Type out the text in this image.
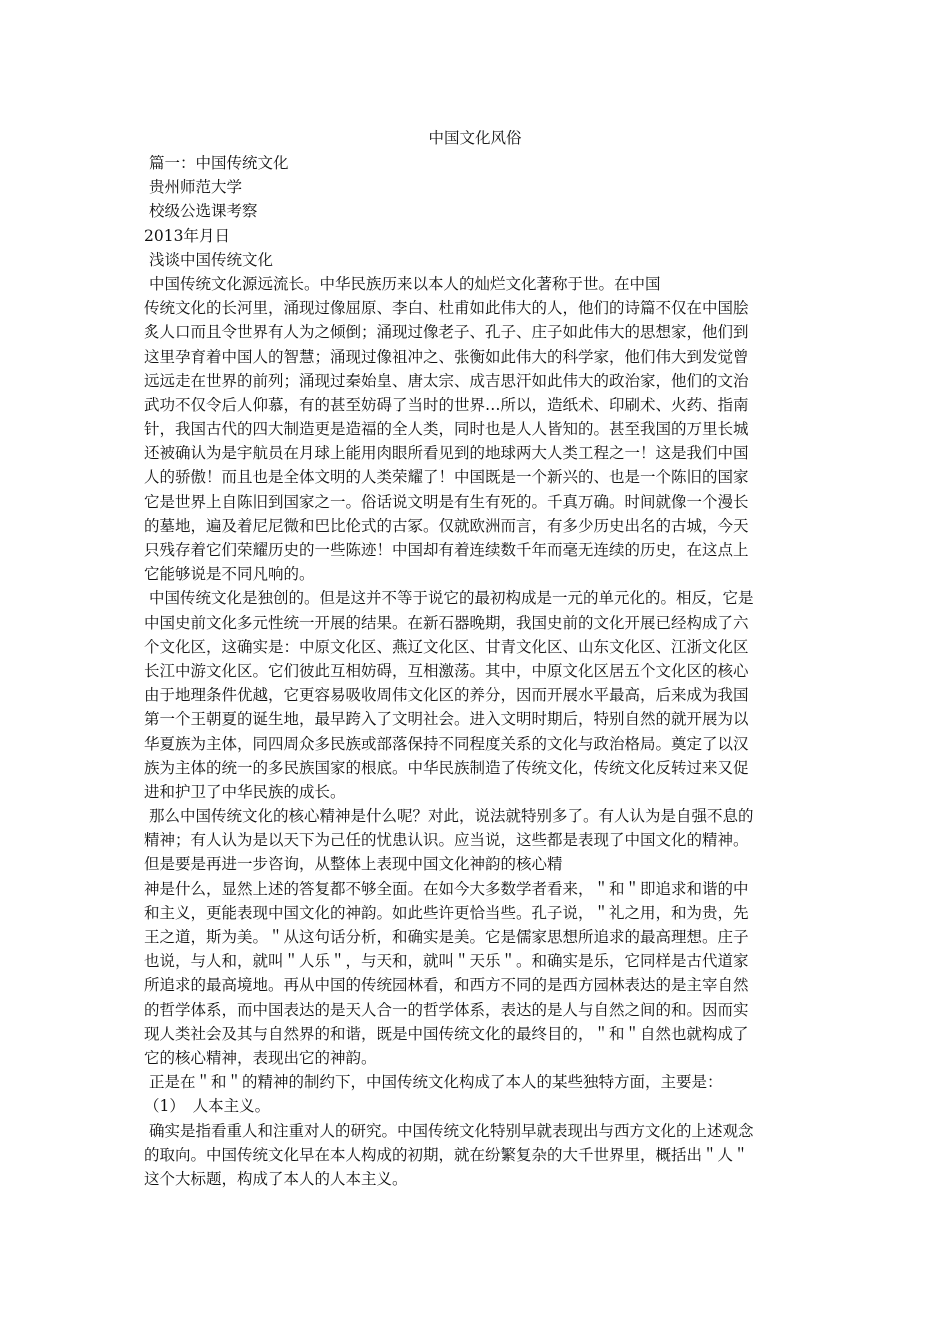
中国文化风俗
篇一：中国传统文化
贵州师范大学
校级公选课考察
2013年月日
浅谈中国传统文化
中国传统文化源远流长。中华民族历来以本人的灿烂文化著称于世。在中国
传统文化的长河里，涌现过像屈原、李白、杜甫如此伟大的人，他们的诗篇不仅在中国脍
炙人口而且令世界有人为之倾倒；涌现过像老子、孔子、庄子如此伟大的思想家，他们到
这里孕育着中国人的智慧；涌现过像祖冲之、张衡如此伟大的科学家，他们伟大到发觉曾
远远走在世界的前列；涌现过秦始皇、唐太宗、成吉思汗如此伟大的政治家，他们的文治
武功不仅令后人仰慕，有的甚至妨碍了当时的世界…所以，造纸术、印刷术、火药、指南
针，我国古代的四大制造更是造福的全人类，同时也是人人皆知的。甚至我国的万里长城
还被确认为是宇航员在月球上能用肉眼所看见到的地球两大人类工程之一！这是我们中国
人的骄傲！而且也是全体文明的人类荣耀了！中国既是一个新兴的、也是一个陈旧的国家
它是世界上自陈旧到国家之一。俗话说文明是有生有死的。千真万确。时间就像一个漫长
的墓地，遍及着尼尼微和巴比伦式的古冢。仅就欧洲而言，有多少历史出名的古城，今天
只残存着它们荣耀历史的一些陈迹！中国却有着连续数千年而毫无连续的历史，在这点上
它能够说是不同凡响的。
中国传统文化是独创的。但是这并不等于说它的最初构成是一元的单元化的。相反，它是
中国史前文化多元性统一开展的结果。在新石器晚期，我国史前的文化开展已经构成了六
个文化区，这确实是：中原文化区、燕辽文化区、甘青文化区、山东文化区、江浙文化区
长江中游文化区。它们彼此互相妨碍，互相激荡。其中，中原文化区居五个文化区的核心
由于地理条件优越，它更容易吸收周伟文化区的养分，因而开展水平最高，后来成为我国
第一个王朝夏的诞生地，最早跨入了文明社会。进入文明时期后，特别自然的就开展为以
华夏族为主体，同四周众多民族或部落保持不同程度关系的文化与政治格局。奠定了以汉
族为主体的统一的多民族国家的根底。中华民族制造了传统文化，传统文化反转过来又促
进和护卫了中华民族的成长。
那么中国传统文化的核心精神是什么呢？对此，说法就特别多了。有人认为是自强不息的
精神；有人认为是以天下为己任的忧患认识。应当说，这些都是表现了中国文化的精神。
但是要是再进一步咨询，从整体上表现中国文化神韵的核心精
神是什么，显然上述的答复都不够全面。在如今大多数学者看来，＂和＂即追求和谐的中
和主义，更能表现中国文化的神韵。如此些许更恰当些。孔子说，＂礼之用，和为贵，先
王之道，斯为美。＂从这句话分析，和确实是美。它是儒家思想所追求的最高理想。庄子
也说，与人和，就叫＂人乐＂，与天和，就叫＂天乐＂。和确实是乐，它同样是古代道家
所追求的最高境地。再从中国的传统园林看，和西方不同的是西方园林表达的是主宰自然
的哲学体系，而中国表达的是天人合一的哲学体系，表达的是人与自然之间的和。因而实
现人类社会及其与自然界的和谐，既是中国传统文化的最终目的，＂和＂自然也就构成了
它的核心精神，表现出它的神韵。
正是在＂和＂的精神的制约下，中国传统文化构成了本人的某些独特方面，主要是：
（1）　人本主义。
确实是指看重人和注重对人的研究。中国传统文化特别早就表现出与西方文化的上述观念
的取向。中国传统文化早在本人构成的初期，就在纷繁复杂的大千世界里，概括出＂人＂
这个大标题，构成了本人的人本主义。
